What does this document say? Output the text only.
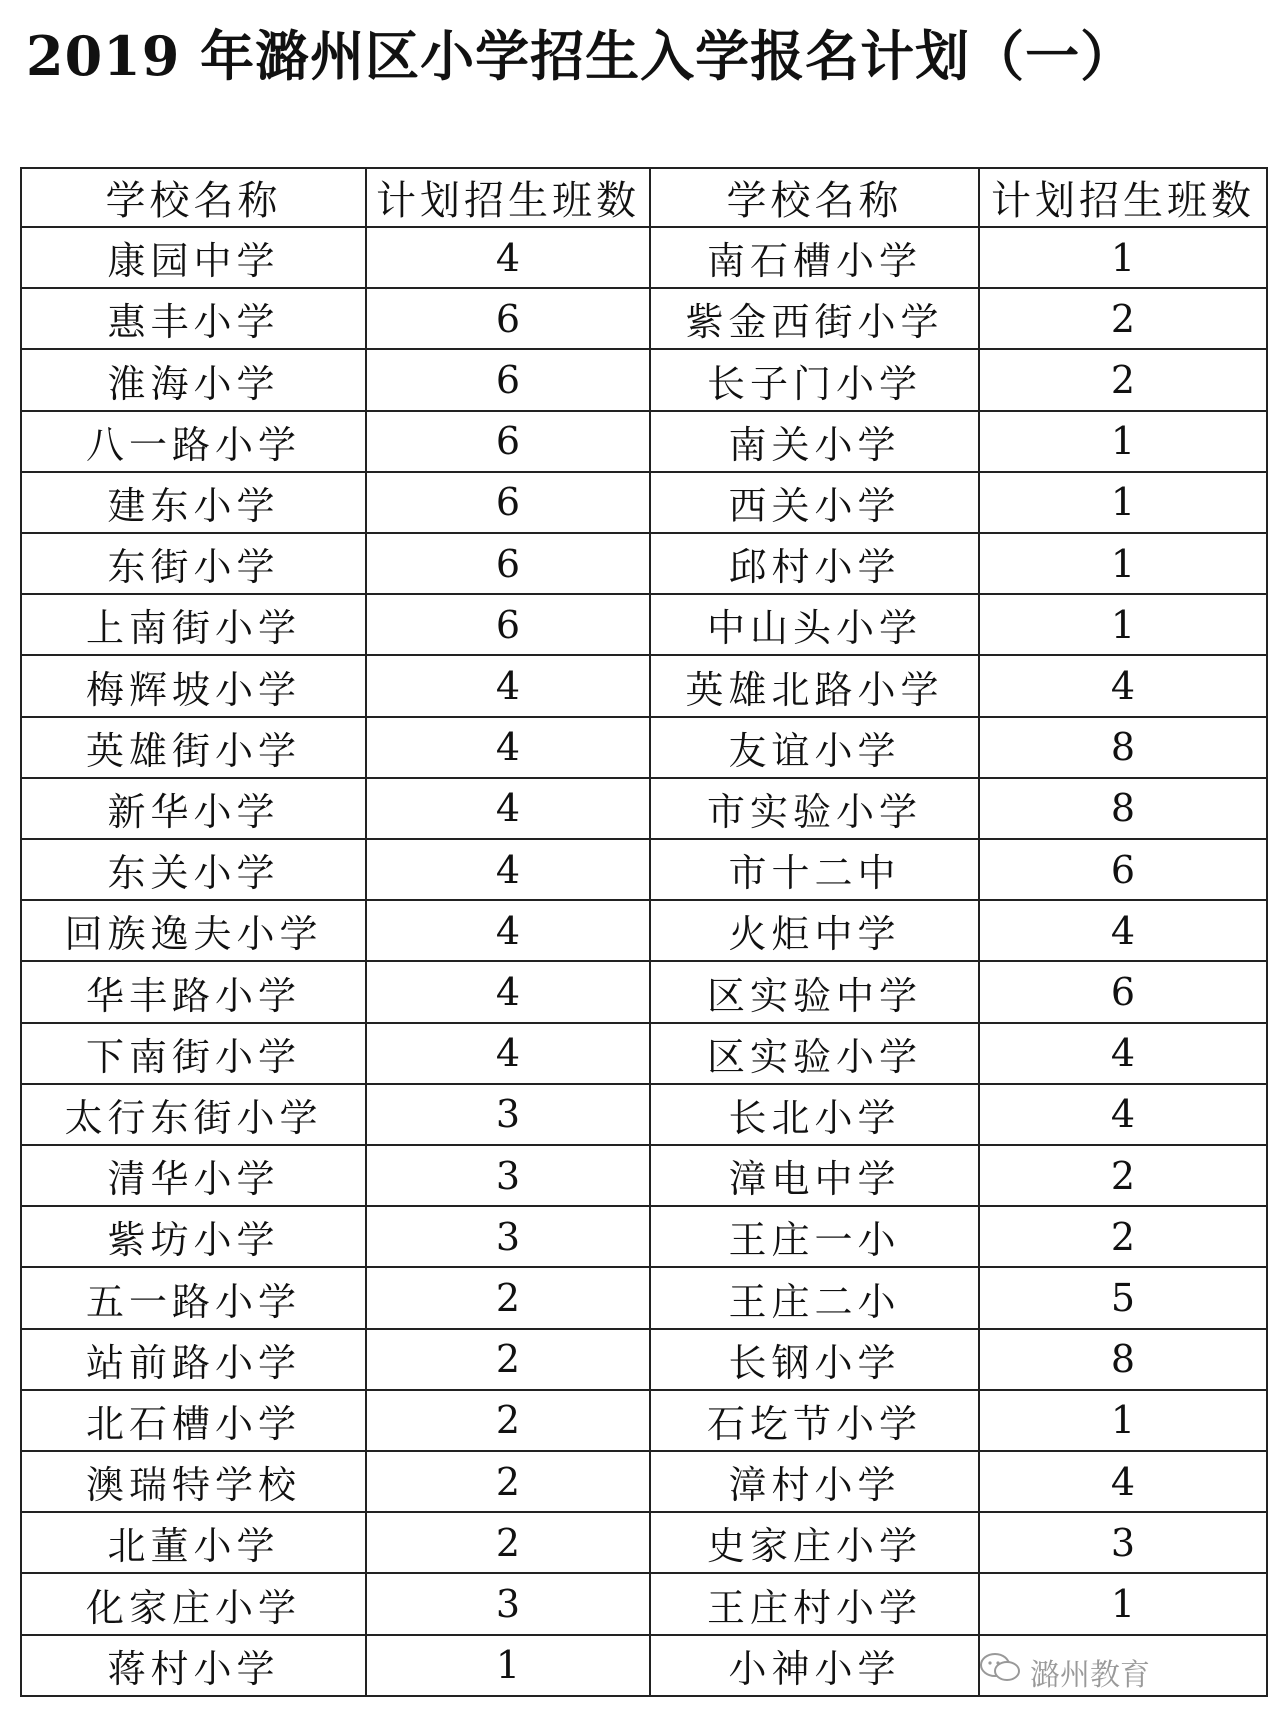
2019 年潞州区小学招生入学报名计划（一）
学校名称	计划招生班数	学校名称	计划招生班数
康园中学	4	南石槽小学	1
惠丰小学	6	紫金西街小学	2
淮海小学	6	长子门小学	2
八一路小学	6	南关小学	1
建东小学	6	西关小学	1
东街小学	6	邱村小学	1
上南街小学	6	中山头小学	1
梅辉坡小学	4	英雄北路小学	4
英雄街小学	4	友谊小学	8
新华小学	4	市实验小学	8
东关小学	4	市十二中	6
回族逸夫小学	4	火炬中学	4
华丰路小学	4	区实验中学	6
下南街小学	4	区实验小学	4
太行东街小学	3	长北小学	4
清华小学	3	漳电中学	2
紫坊小学	3	王庄一小	2
五一路小学	2	王庄二小	5
站前路小学	2	长钢小学	8
北石槽小学	2	石圪节小学	1
澳瑞特学校	2	漳村小学	4
北董小学	2	史家庄小学	3
化家庄小学	3	王庄村小学	1
蒋村小学	1	小神小学		潞州教育
